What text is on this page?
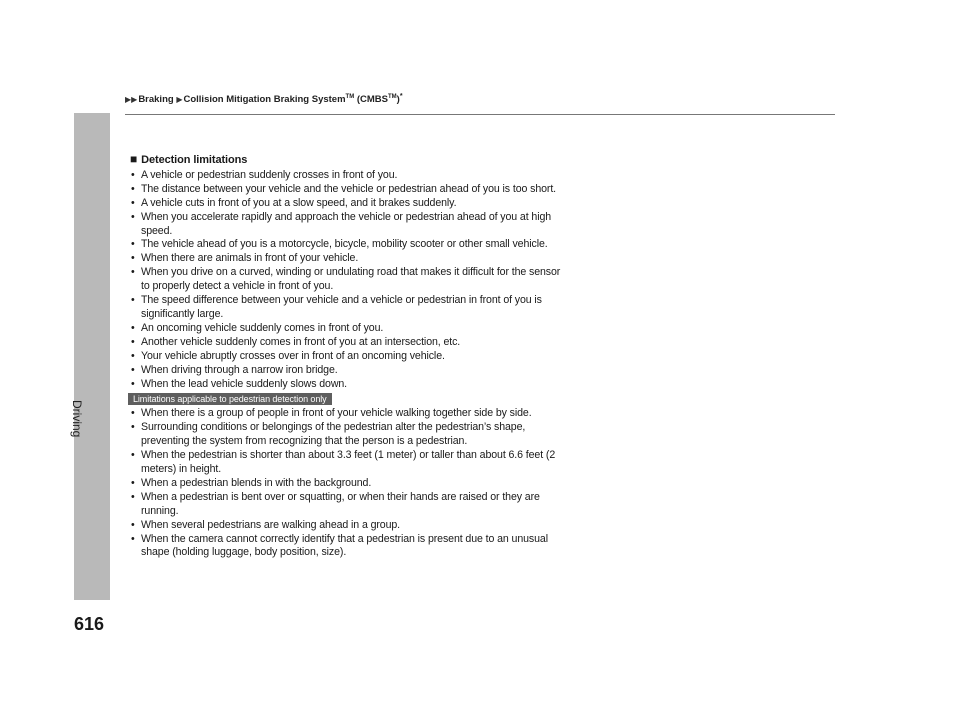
▶▶Braking ▶Collision Mitigation Braking System™ (CMBS™)*
Driving
616
■ Detection limitations
• A vehicle or pedestrian suddenly crosses in front of you.
• The distance between your vehicle and the vehicle or pedestrian ahead of you is too short.
• A vehicle cuts in front of you at a slow speed, and it brakes suddenly.
• When you accelerate rapidly and approach the vehicle or pedestrian ahead of you at high speed.
• The vehicle ahead of you is a motorcycle, bicycle, mobility scooter or other small vehicle.
• When there are animals in front of your vehicle.
• When you drive on a curved, winding or undulating road that makes it difficult for the sensor to properly detect a vehicle in front of you.
• The speed difference between your vehicle and a vehicle or pedestrian in front of you is significantly large.
• An oncoming vehicle suddenly comes in front of you.
• Another vehicle suddenly comes in front of you at an intersection, etc.
• Your vehicle abruptly crosses over in front of an oncoming vehicle.
• When driving through a narrow iron bridge.
• When the lead vehicle suddenly slows down.
Limitations applicable to pedestrian detection only
• When there is a group of people in front of your vehicle walking together side by side.
• Surrounding conditions or belongings of the pedestrian alter the pedestrian’s shape, preventing the system from recognizing that the person is a pedestrian.
• When the pedestrian is shorter than about 3.3 feet (1 meter) or taller than about 6.6 feet (2 meters) in height.
• When a pedestrian blends in with the background.
• When a pedestrian is bent over or squatting, or when their hands are raised or they are running.
• When several pedestrians are walking ahead in a group.
• When the camera cannot correctly identify that a pedestrian is present due to an unusual shape (holding luggage, body position, size).
